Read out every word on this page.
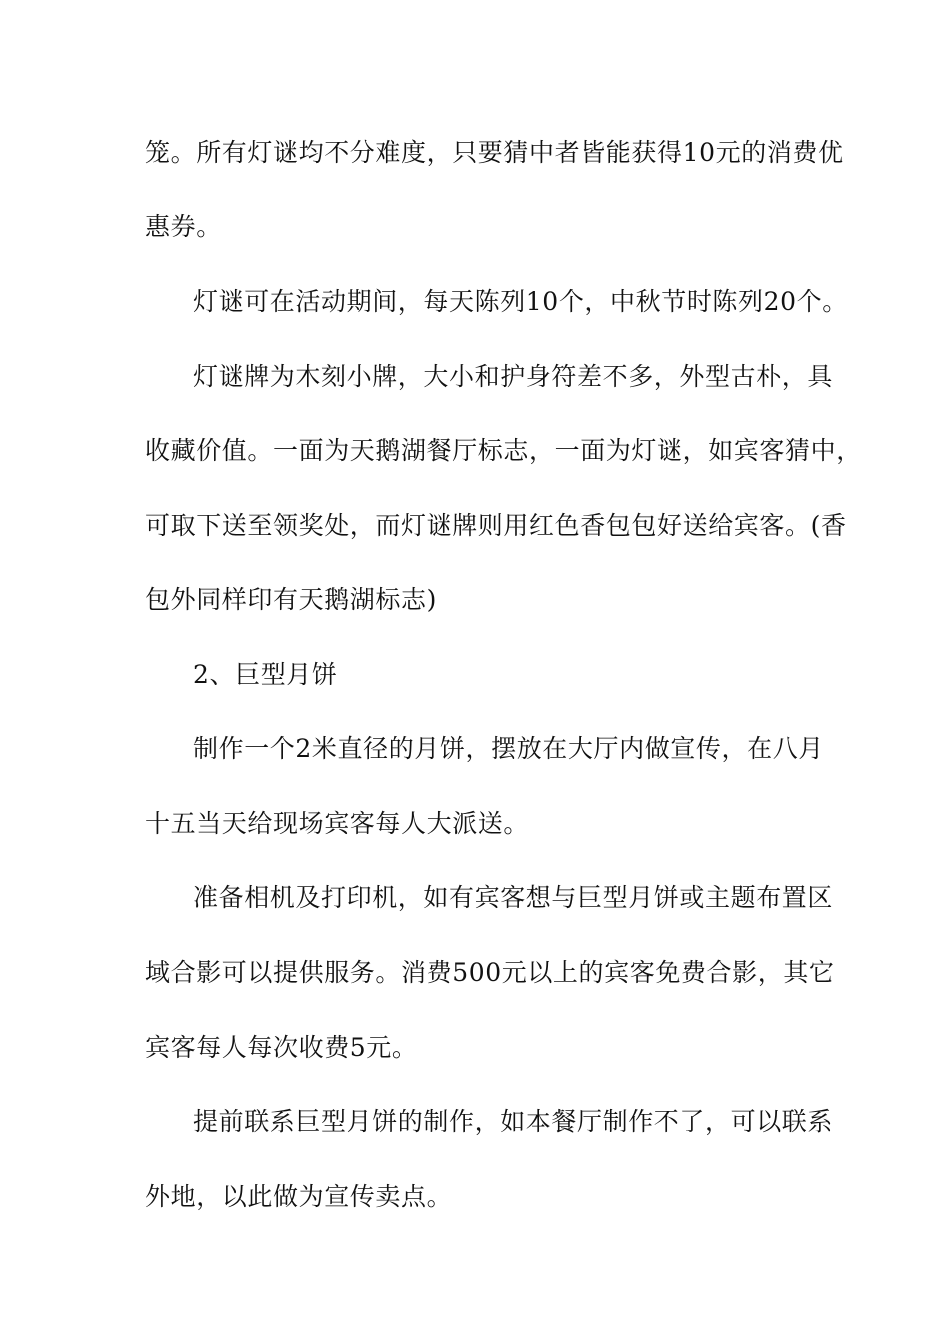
笼。所有灯谜均不分难度，只要猜中者皆能获得10元的消费优
惠券。
灯谜可在活动期间，每天陈列10个，中秋节时陈列20个。
灯谜牌为木刻小牌，大小和护身符差不多，外型古朴，具
收藏价值。一面为天鹅湖餐厅标志，一面为灯谜，如宾客猜中，
可取下送至领奖处，而灯谜牌则用红色香包包好送给宾客。(香
包外同样印有天鹅湖标志)
2、巨型月饼
制作一个2米直径的月饼，摆放在大厅内做宣传，在八月
十五当天给现场宾客每人大派送。
准备相机及打印机，如有宾客想与巨型月饼或主题布置区
域合影可以提供服务。消费500元以上的宾客免费合影，其它
宾客每人每次收费5元。
提前联系巨型月饼的制作，如本餐厅制作不了，可以联系
外地，以此做为宣传卖点。
